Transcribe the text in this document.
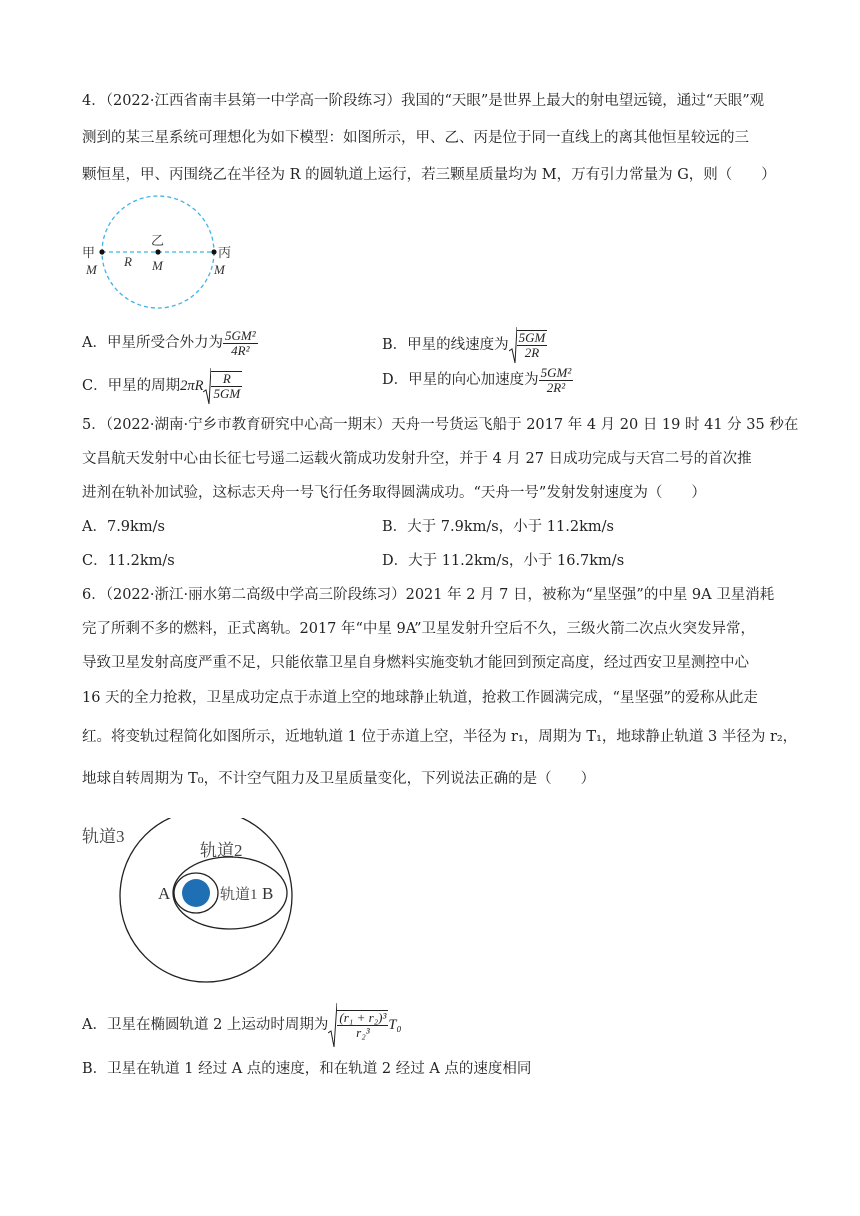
4．（2022·江西省南丰县第一中学高一阶段练习）我国的“天眼”是世界上最大的射电望远镜，通过“天眼”观
测到的某三星系统可理想化为如下模型：如图所示，甲、乙、丙是位于同一直线上的离其他恒星较远的三
颗恒星，甲、丙围绕乙在半径为 R 的圆轨道上运行，若三颗星质量均为 M，万有引力常量为 G，则（　　）
甲
乙
丙
M
R M	M
A．甲星所受合外力为 $\frac{\text{5GM²}}{\text{4R²}}$	B．甲星的线速度为 $\frac{5GM}{2R}$
C．甲星的周期$2\pi R \frac{R}{5GM}$	D．甲星的向心加速度为 $\frac{\text{5GM²}}{\text{2R²}}$
5．（2022·湖南·宁乡市教育研究中心高一期末）天舟一号货运飞船于 2017 年 4 月 20 日 19 时 41 分 35 秒在
文昌航天发射中心由长征七号遥二运载火箭成功发射升空，并于 4 月 27 日成功完成与天宫二号的首次推
进剂在轨补加试验，这标志天舟一号飞行任务取得圆满成功。“天舟一号”发射发射速度为（　　）
A．7.9km/s	B．大于 7.9km/s，小于 11.2km/s
C．11.2km/s	D．大于 11.2km/s，小于 16.7km/s
6．（2022·浙江·丽水第二高级中学高三阶段练习）2021 年 2 月 7 日，被称为“星坚强”的中星 9A 卫星消耗
完了所剩不多的燃料，正式离轨。2017 年“中星 9A”卫星发射升空后不久，三级火箭二次点火突发异常，
导致卫星发射高度严重不足，只能依靠卫星自身燃料实施变轨才能回到预定高度，经过西安卫星测控中心
16 天的全力抢救，卫星成功定点于赤道上空的地球静止轨道，抢救工作圆满完成，“星坚强”的爱称从此走
红。将变轨过程简化如图所示，近地轨道 1 位于赤道上空，半径为 r₁，周期为 T₁，地球静止轨道 3 半径为 r₂，
地球自转周期为 T₀，不计空气阻力及卫星质量变化，下列说法正确的是（　　）
轨道3
轨道2
A	轨道1 B
A．卫星在椭圆轨道 2 上运动时周期为 $\frac{\text{(r₁ + r₂)³}}{\text{r₂³}} T_0$
B．卫星在轨道 1 经过 A 点的速度，和在轨道 2 经过 A 点的速度相同
